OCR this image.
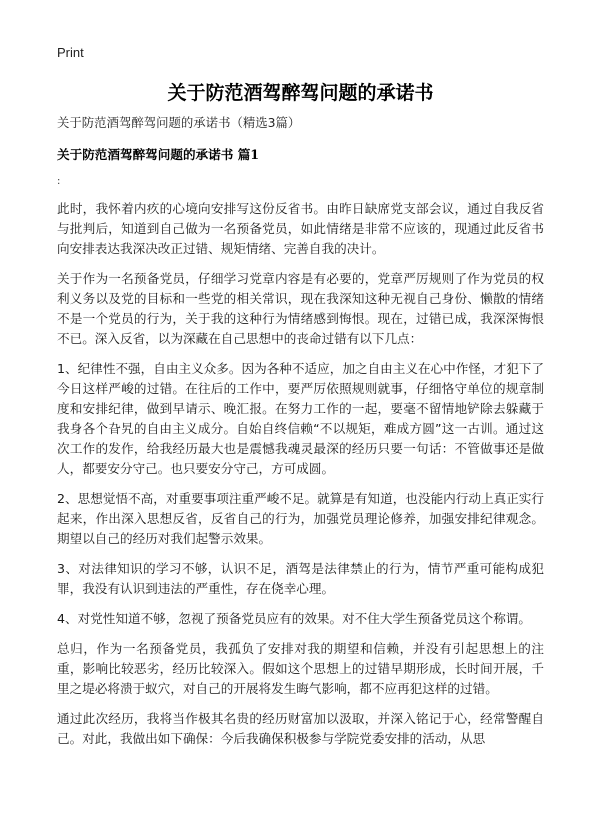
Print
关于防范酒驾醉驾问题的承诺书
关于防范酒驾醉驾问题的承诺书（精选3篇）
关于防范酒驾醉驾问题的承诺书 篇1
:

此时，我怀着内疚的心境向安排写这份反省书。由昨日缺席党支部会议，通过自我反省与批判后，知道到自己做为一名预备党员，如此情绪是非常不应该的，现通过此反省书向安排表达我深决改正过错、规矩情绪、完善自我的决计。

关于作为一名预备党员，仔细学习党章内容是有必要的，党章严厉规则了作为党员的权利义务以及党的目标和一些党的相关常识，现在我深知这种无视自己身份、懒散的情绪不是一个党员的行为，关于我的这种行为情绪感到悔恨。现在，过错已成，我深深悔恨不已。深入反省，以为深藏在自己思想中的丧命过错有以下几点：

1、纪律性不强，自由主义众多。因为各种不适应，加之自由主义在心中作怪，才犯下了今日这样严峻的过错。在往后的工作中，要严厉依照规则就事，仔细恪守单位的规章制度和安排纪律，做到早请示、晚汇报。在努力工作的一起，要毫不留情地铲除去躲藏于我身各个旮旯的自由主义成分。自始自终信赖“不以规矩，难成方圆”这一古训。通过这次工作的发作，给我经历最大也是震憾我魂灵最深的经历只要一句话：不管做事还是做人，都要安分守己。也只要安分守己，方可成圆。

2、思想觉悟不高，对重要事项注重严峻不足。就算是有知道，也没能内行动上真正实行起来，作出深入思想反省，反省自己的行为，加强党员理论修养，加强安排纪律观念。期望以自己的经历对我们起警示效果。

3、对法律知识的学习不够，认识不足，酒驾是法律禁止的行为，情节严重可能构成犯罪，我没有认识到违法的严重性，存在侥幸心理。

4、对党性知道不够，忽视了预备党员应有的效果。对不住大学生预备党员这个称谓。

总归，作为一名预备党员，我孤负了安排对我的期望和信赖，并没有引起思想上的注重，影响比较恶劣，经历比较深入。假如这个思想上的过错早期形成，长时间开展，千里之堤必将溃于蚁穴，对自己的开展将发生晦气影响，都不应再犯这样的过错。

通过此次经历，我将当作极其名贵的经历财富加以汲取，并深入铭记于心，经常警醒自己。对此，我做出如下确保：今后我确保积极参与学院党委安排的活动，从思
